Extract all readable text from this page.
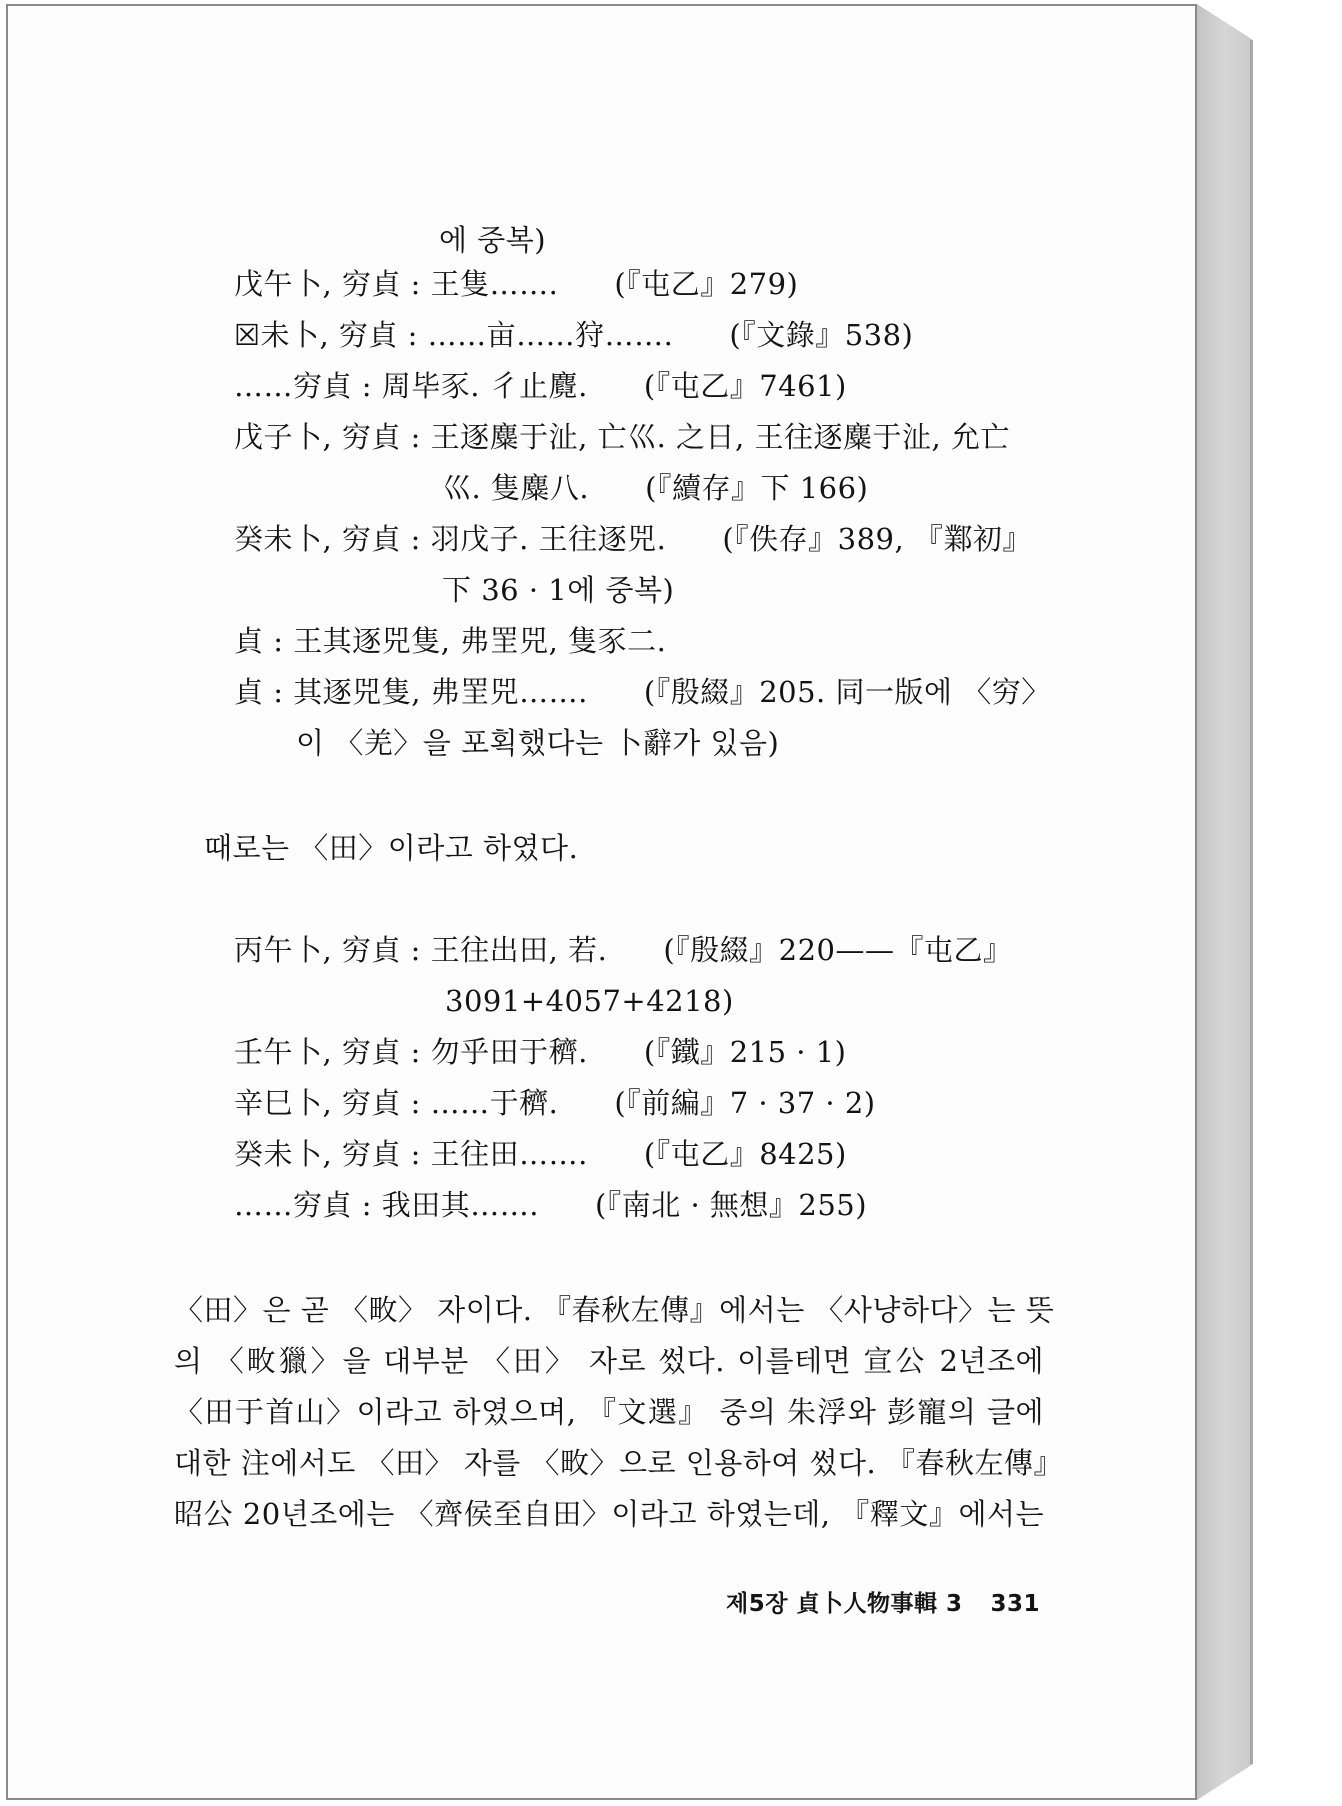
에 중복)
戊午卜, 穷貞 : 王隻……. (『屯乙』279)
☒未卜, 穷貞 : ……亩……狩……. (『文錄』538)
……穷貞 : 周毕豕. 彳止麑. (『屯乙』7461)
戊子卜, 穷貞 : 王逐麋于沚, 亡巛. 之日, 王往逐麋于沚, 允亡
巛. 隻麋八. (『續存』下 166)
癸未卜, 穷貞 : 羽戊子. 王往逐兕. (『佚存』389, 『鄴初』
下 36 · 1에 중복)
貞 : 王其逐兕隻, 弗罜兕, 隻豕二.
貞 : 其逐兕隻, 弗罜兕……. (『殷綴』205. 同一版에 〈穷〉
이 〈羌〉을 포획했다는 卜辭가 있음)
때로는 〈田〉이라고 하였다.
丙午卜, 穷貞 : 王往出田, 若. (『殷綴』220——『屯乙』
3091+4057+4218)
壬午卜, 穷貞 : 勿乎田于穧. (『鐵』215 · 1)
辛巳卜, 穷貞 : ……于穧. (『前編』7 · 37 · 2)
癸未卜, 穷貞 : 王往田……. (『屯乙』8425)
……穷貞 : 我田其……. (『南北 · 無想』255)
〈田〉은 곧 〈畋〉 자이다. 『春秋左傳』에서는 〈사냥하다〉는 뜻
의 〈畋獵〉을 대부분 〈田〉 자로 썼다. 이를테면 宣公 2년조에
〈田于首山〉이라고 하였으며, 『文選』 중의 朱浮와 彭寵의 글에
대한 注에서도 〈田〉 자를 〈畋〉으로 인용하여 썼다. 『春秋左傳』
昭公 20년조에는 〈齊侯至自田〉이라고 하였는데, 『釋文』에서는
제5장 貞卜人物事輯 3 331
